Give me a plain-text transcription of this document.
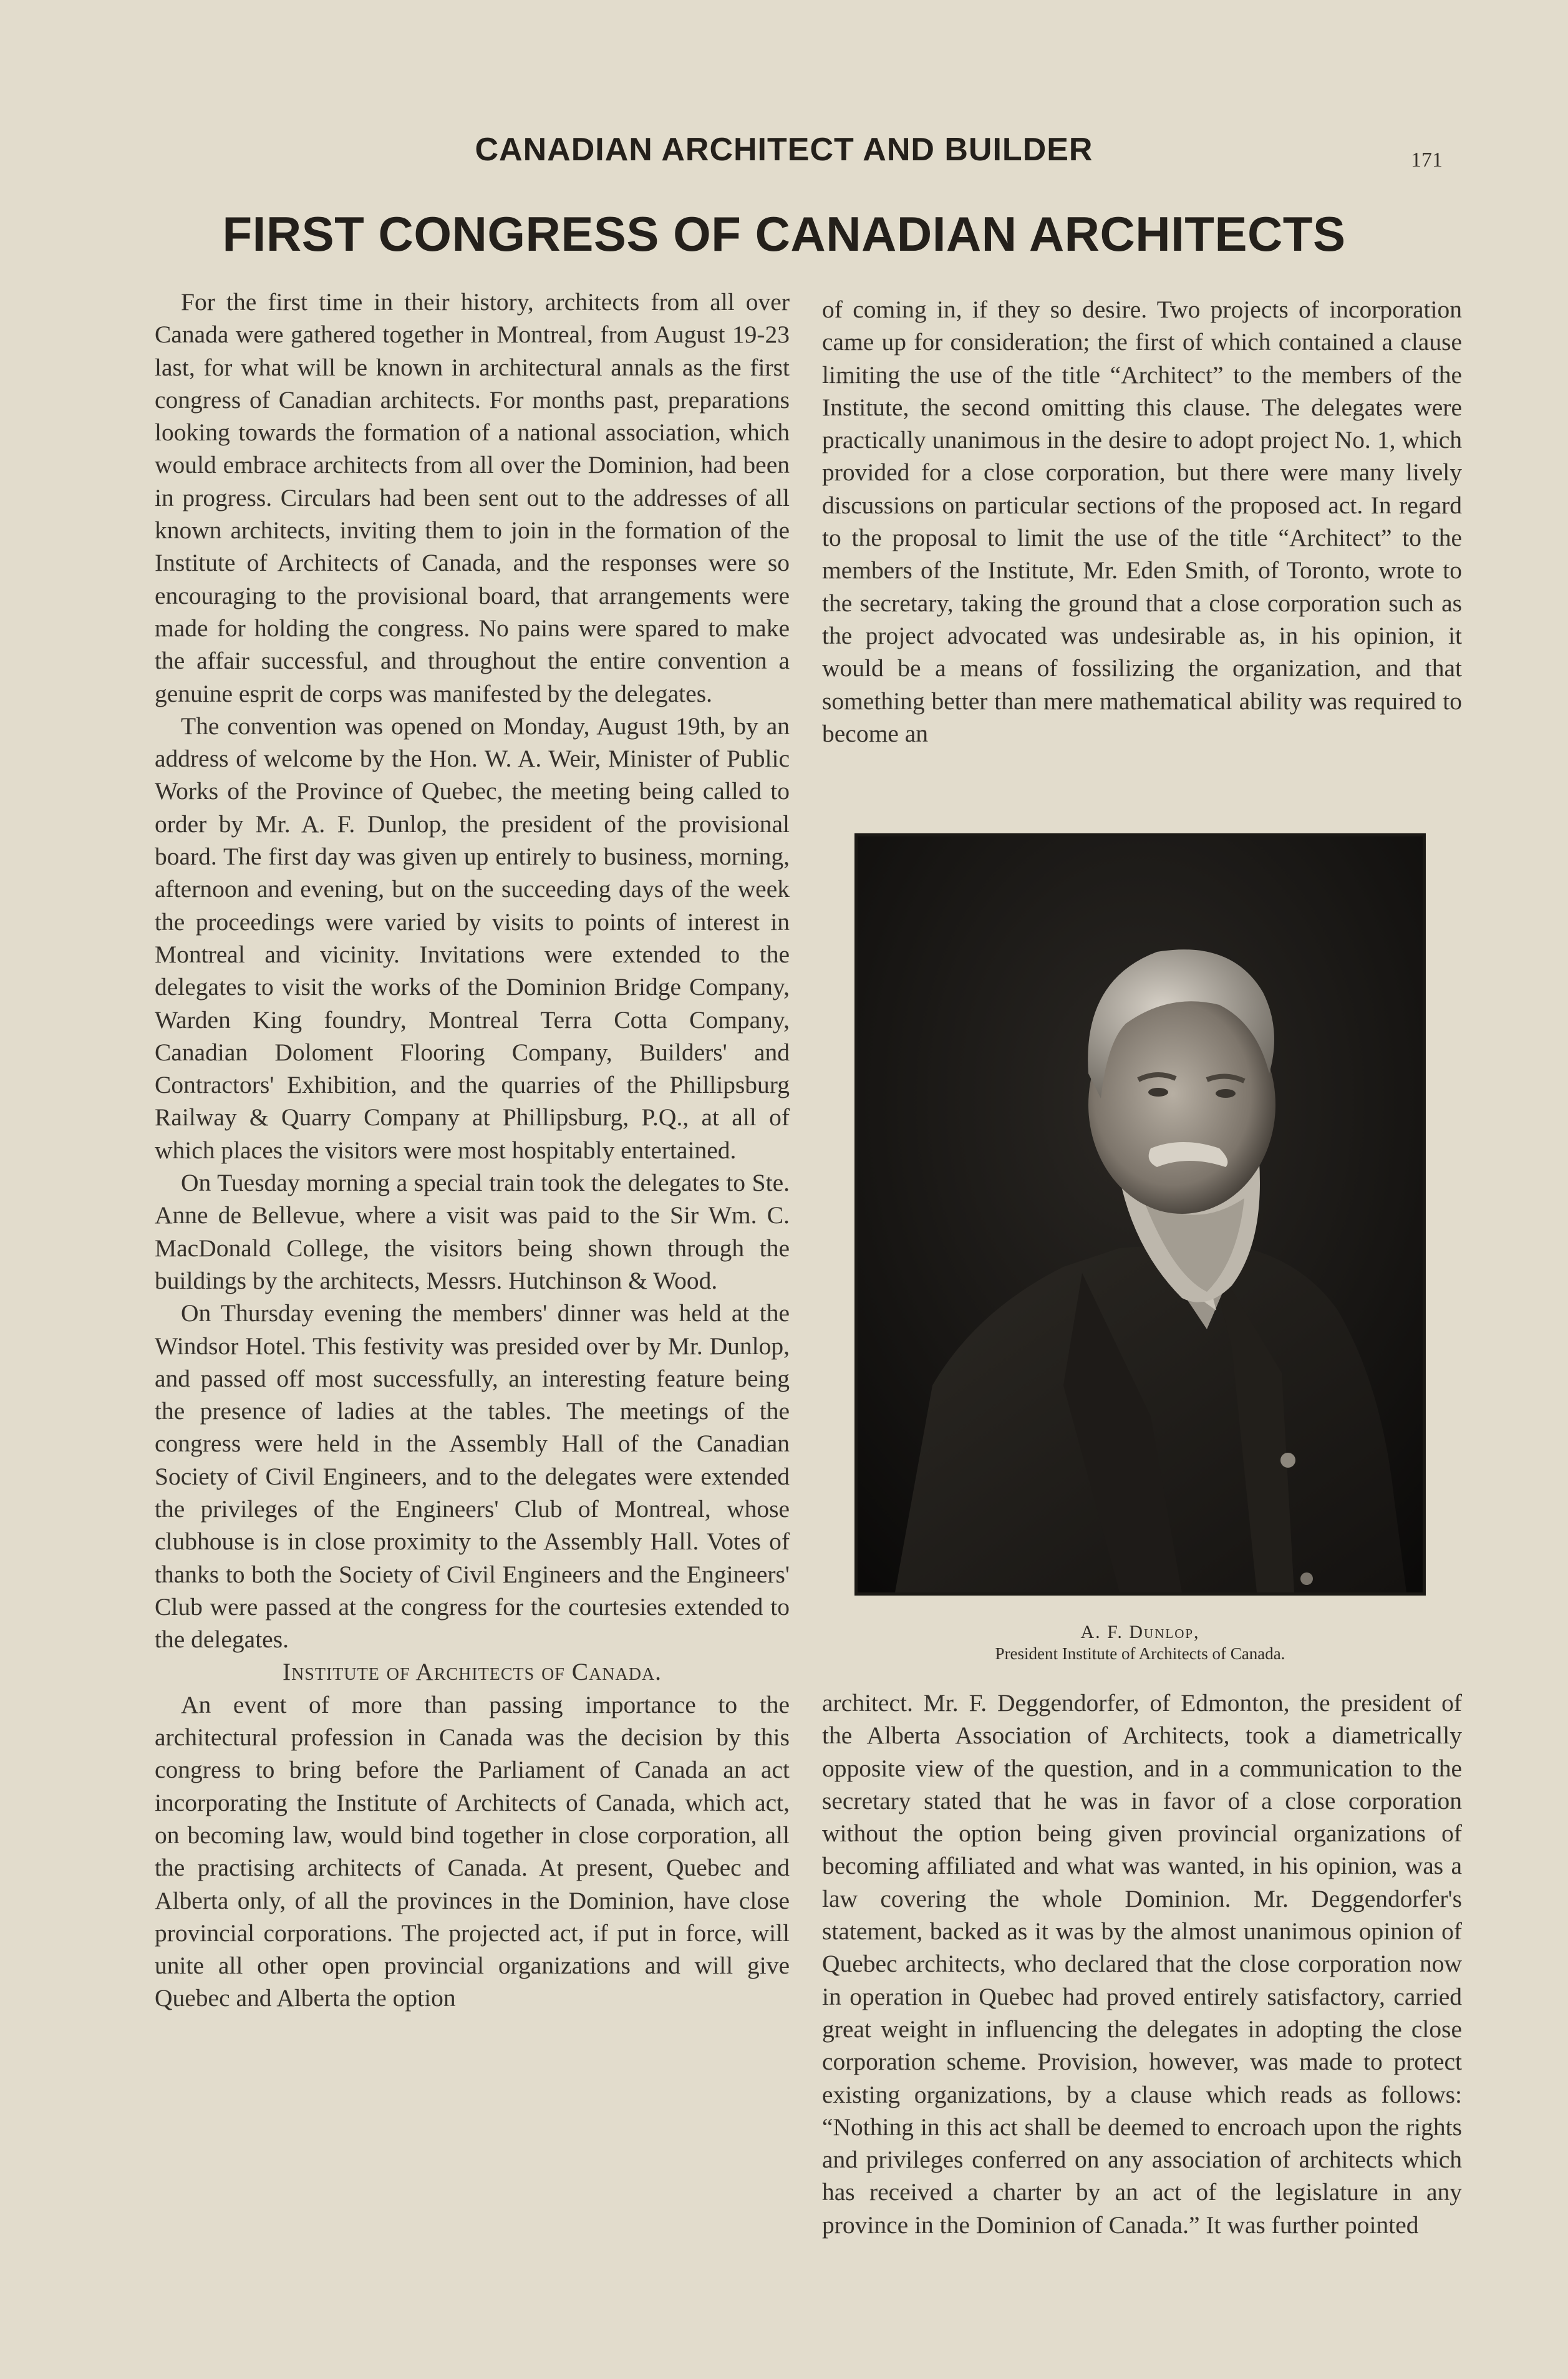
CANADIAN ARCHITECT AND BUILDER	171
FIRST CONGRESS OF CANADIAN ARCHITECTS

For the first time in their history, architects from all over Canada were gathered together in Montreal, from August 19-23 last, for what will be known in architectural annals as the first congress of Canadian architects. For months past, preparations looking towards the formation of a national association, which would embrace architects from all over the Dominion, had been in progress. Circulars had been sent out to the addresses of all known architects, inviting them to join in the formation of the Institute of Architects of Canada, and the responses were so encouraging to the provisional board, that arrangements were made for holding the congress. No pains were spared to make the affair successful, and throughout the entire convention a genuine esprit de corps was manifested by the delegates.

The convention was opened on Monday, August 19th, by an address of welcome by the Hon. W. A. Weir, Minister of Public Works of the Province of Quebec, the meeting being called to order by Mr. A. F. Dunlop, the president of the provisional board. The first day was given up entirely to business, morning, afternoon and evening, but on the succeeding days of the week the proceedings were varied by visits to points of interest in Montreal and vicinity. Invitations were extended to the delegates to visit the works of the Dominion Bridge Company, Warden King foundry, Montreal Terra Cotta Company, Canadian Doloment Flooring Company, Builders' and Contractors' Exhibition, and the quarries of the Phillipsburg Railway & Quarry Company at Phillipsburg, P.Q., at all of which places the visitors were most hospitably entertained.

On Tuesday morning a special train took the delegates to Ste. Anne de Bellevue, where a visit was paid to the Sir Wm. C. MacDonald College, the visitors being shown through the buildings by the architects, Messrs. Hutchinson & Wood.

On Thursday evening the members' dinner was held at the Windsor Hotel. This festivity was presided over by Mr. Dunlop, and passed off most successfully, an interesting feature being the presence of ladies at the tables. The meetings of the congress were held in the Assembly Hall of the Canadian Society of Civil Engineers, and to the delegates were extended the privileges of the Engineers' Club of Montreal, whose clubhouse is in close proximity to the Assembly Hall. Votes of thanks to both the Society of Civil Engineers and the Engineers' Club were passed at the congress for the courtesies extended to the delegates.

Institute of Architects of Canada.

An event of more than passing importance to the architectural profession in Canada was the decision by this congress to bring before the Parliament of Canada an act incorporating the Institute of Architects of Canada, which act, on becoming law, would bind together in close corporation, all the practising architects of Canada. At present, Quebec and Alberta only, of all the provinces in the Dominion, have close provincial corporations. The projected act, if put in force, will unite all other open provincial organizations and will give Quebec and Alberta the option

of coming in, if they so desire. Two projects of incorporation came up for consideration; the first of which contained a clause limiting the use of the title “Architect” to the members of the Institute, the second omitting this clause. The delegates were practically unanimous in the desire to adopt project No. 1, which provided for a close corporation, but there were many lively discussions on particular sections of the proposed act. In regard to the proposal to limit the use of the title “Architect” to the members of the Institute, Mr. Eden Smith, of Toronto, wrote to the secretary, taking the ground that a close corporation such as the project advocated was undesirable as, in his opinion, it would be a means of fossilizing the organization, and that something better than mere mathematical ability was required to become an

A. F. Dunlop,
President Institute of Architects of Canada.

architect. Mr. F. Deggendorfer, of Edmonton, the president of the Alberta Association of Architects, took a diametrically opposite view of the question, and in a communication to the secretary stated that he was in favor of a close corporation without the option being given provincial organizations of becoming affiliated and what was wanted, in his opinion, was a law covering the whole Dominion. Mr. Deggendorfer's statement, backed as it was by the almost unanimous opinion of Quebec architects, who declared that the close corporation now in operation in Quebec had proved entirely satisfactory, carried great weight in influencing the delegates in adopting the close corporation scheme. Provision, however, was made to protect existing organizations, by a clause which reads as follows: “Nothing in this act shall be deemed to encroach upon the rights and privileges conferred on any association of architects which has received a charter by an act of the legislature in any province in the Dominion of Canada.” It was further pointed
